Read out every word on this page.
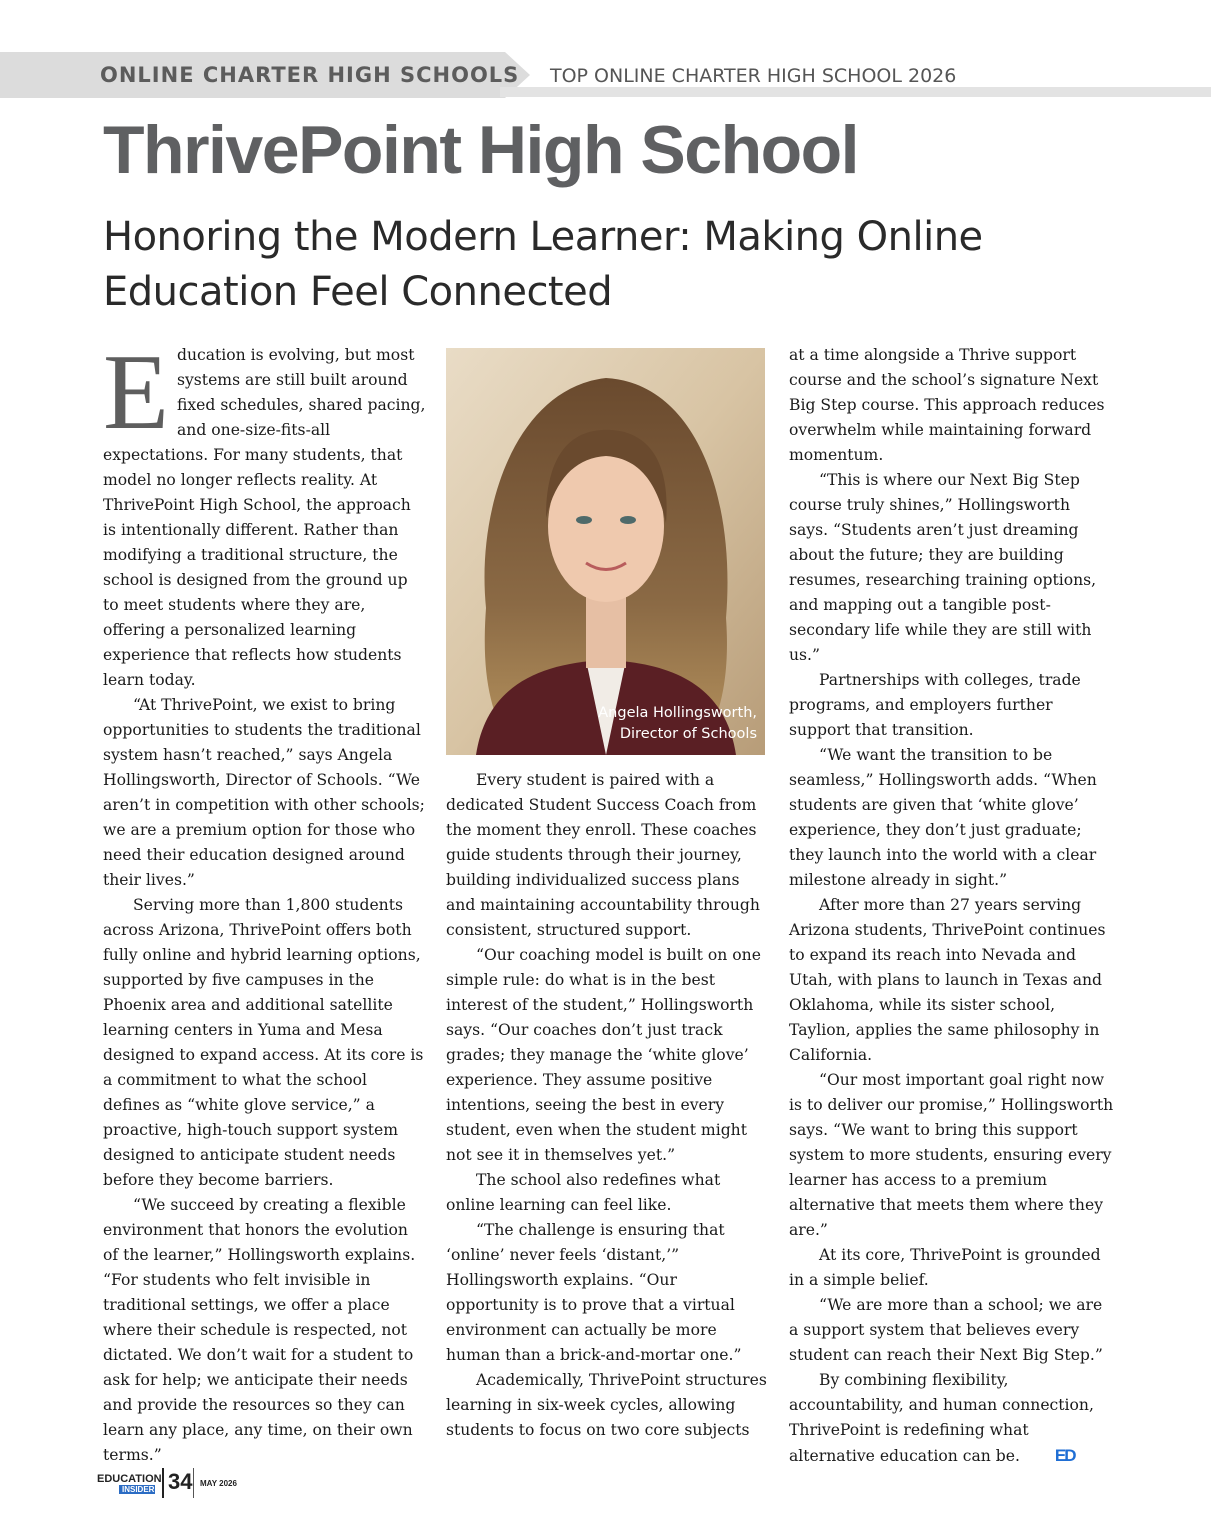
ONLINE CHARTER HIGH SCHOOLS TOP ONLINE CHARTER HIGH SCHOOL 2026
ThrivePoint High School
Honoring the Modern Learner: Making Online Education Feel Connected
E ducation is evolving, but most systems are still built around fixed schedules, shared pacing, and one-size-fits-all expectations. For many students, that model no longer reflects reality. At ThrivePoint High School, the approach is intentionally different. Rather than modifying a traditional structure, the school is designed from the ground up to meet students where they are, offering a personalized learning experience that reflects how students learn today.

“At ThrivePoint, we exist to bring opportunities to students the traditional system hasn’t reached,” says Angela Hollingsworth, Director of Schools. “We aren’t in competition with other schools; we are a premium option for those who need their education designed around their lives.”

Serving more than 1,800 students across Arizona, ThrivePoint offers both fully online and hybrid learning options, supported by five campuses in the Phoenix area and additional satellite learning centers in Yuma and Mesa designed to expand access. At its core is a commitment to what the school defines as “white glove service,” a proactive, high-touch support system designed to anticipate student needs before they become barriers.

“We succeed by creating a flexible environment that honors the evolution of the learner,” Hollingsworth explains. “For students who felt invisible in traditional settings, we offer a place where their schedule is respected, not dictated. We don’t wait for a student to ask for help; we anticipate their needs and provide the resources so they can learn any place, any time, on their own terms.”

Angela Hollingsworth,
Director of Schools

Every student is paired with a dedicated Student Success Coach from the moment they enroll. These coaches guide students through their journey, building individualized success plans and maintaining accountability through consistent, structured support.

“Our coaching model is built on one simple rule: do what is in the best interest of the student,” Hollingsworth says. “Our coaches don’t just track grades; they manage the ‘white glove’ experience. They assume positive intentions, seeing the best in every student, even when the student might not see it in themselves yet.”

The school also redefines what online learning can feel like.

“The challenge is ensuring that ‘online’ never feels ‘distant,’” Hollingsworth explains. “Our opportunity is to prove that a virtual environment can actually be more human than a brick-and-mortar one.”

Academically, ThrivePoint structures learning in six-week cycles, allowing students to focus on two core subjects

at a time alongside a Thrive support course and the school’s signature Next Big Step course. This approach reduces overwhelm while maintaining forward momentum.

“This is where our Next Big Step course truly shines,” Hollingsworth says. “Students aren’t just dreaming about the future; they are building resumes, researching training options, and mapping out a tangible post-secondary life while they are still with us.”

Partnerships with colleges, trade programs, and employers further support that transition.

“We want the transition to be seamless,” Hollingsworth adds. “When students are given that ‘white glove’ experience, they don’t just graduate; they launch into the world with a clear milestone already in sight.”

After more than 27 years serving Arizona students, ThrivePoint continues to expand its reach into Nevada and Utah, with plans to launch in Texas and Oklahoma, while its sister school, Taylion, applies the same philosophy in California.

“Our most important goal right now is to deliver our promise,” Hollingsworth says. “We want to bring this support system to more students, ensuring every learner has access to a premium alternative that meets them where they are.”

At its core, ThrivePoint is grounded in a simple belief.

“We are more than a school; we are a support system that believes every student can reach their Next Big Step.”

By combining flexibility, accountability, and human connection, ThrivePoint is redefining what alternative education can be. ED

EDUCATION
INSIDER 34 MAY 2026
